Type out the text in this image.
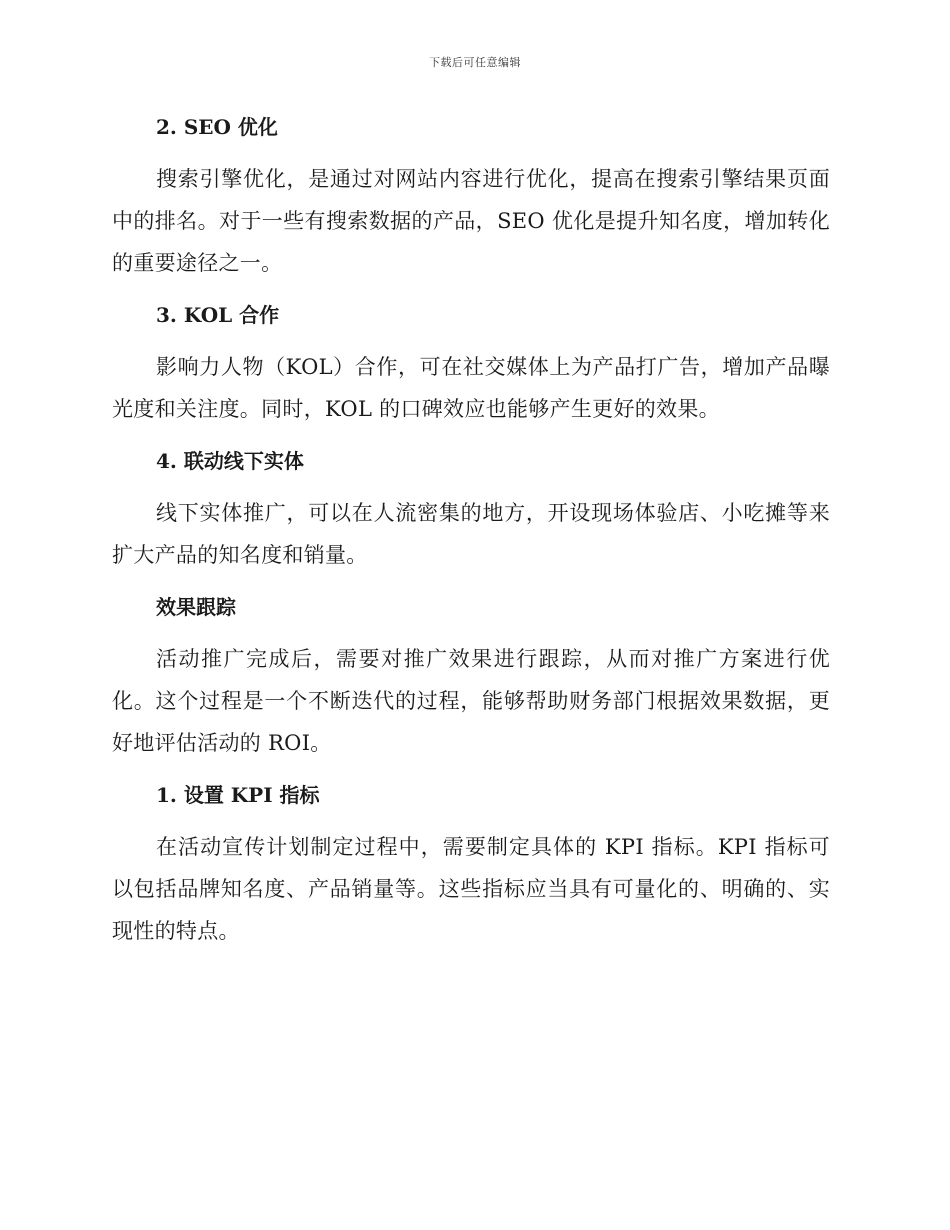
下载后可任意编辑
2. SEO 优化

搜索引擎优化，是通过对网站内容进行优化，提高在搜索引擎结果页面中的排名。对于一些有搜索数据的产品，SEO 优化是提升知名度，增加转化的重要途径之一。

3. KOL 合作

影响力人物（KOL）合作，可在社交媒体上为产品打广告，增加产品曝光度和关注度。同时，KOL 的口碑效应也能够产生更好的效果。

4. 联动线下实体

线下实体推广，可以在人流密集的地方，开设现场体验店、小吃摊等来扩大产品的知名度和销量。

效果跟踪

活动推广完成后，需要对推广效果进行跟踪，从而对推广方案进行优化。这个过程是一个不断迭代的过程，能够帮助财务部门根据效果数据，更好地评估活动的 ROI。

1. 设置 KPI 指标

在活动宣传计划制定过程中，需要制定具体的 KPI 指标。KPI 指标可以包括品牌知名度、产品销量等。这些指标应当具有可量化的、明确的、实现性的特点。
